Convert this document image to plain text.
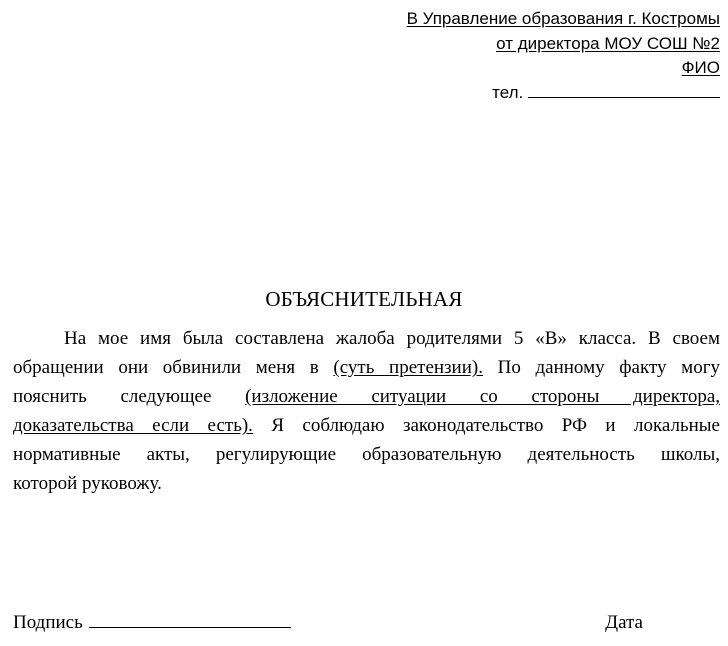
В Управление образования г. Костромы
от директора МОУ СОШ №2
ФИО
тел.
ОБЪЯСНИТЕЛЬНАЯ
На мое имя была составлена жалоба родителями 5 «В» класса. В своем
обращении они обвинили меня в (суть претензии). По данному факту могу
пояснить следующее (изложение ситуации со стороны директора,
доказательства если есть). Я соблюдаю законодательство РФ и локальные
нормативные акты, регулирующие образовательную деятельность школы,
которой руковожу.
Подпись	Дата
